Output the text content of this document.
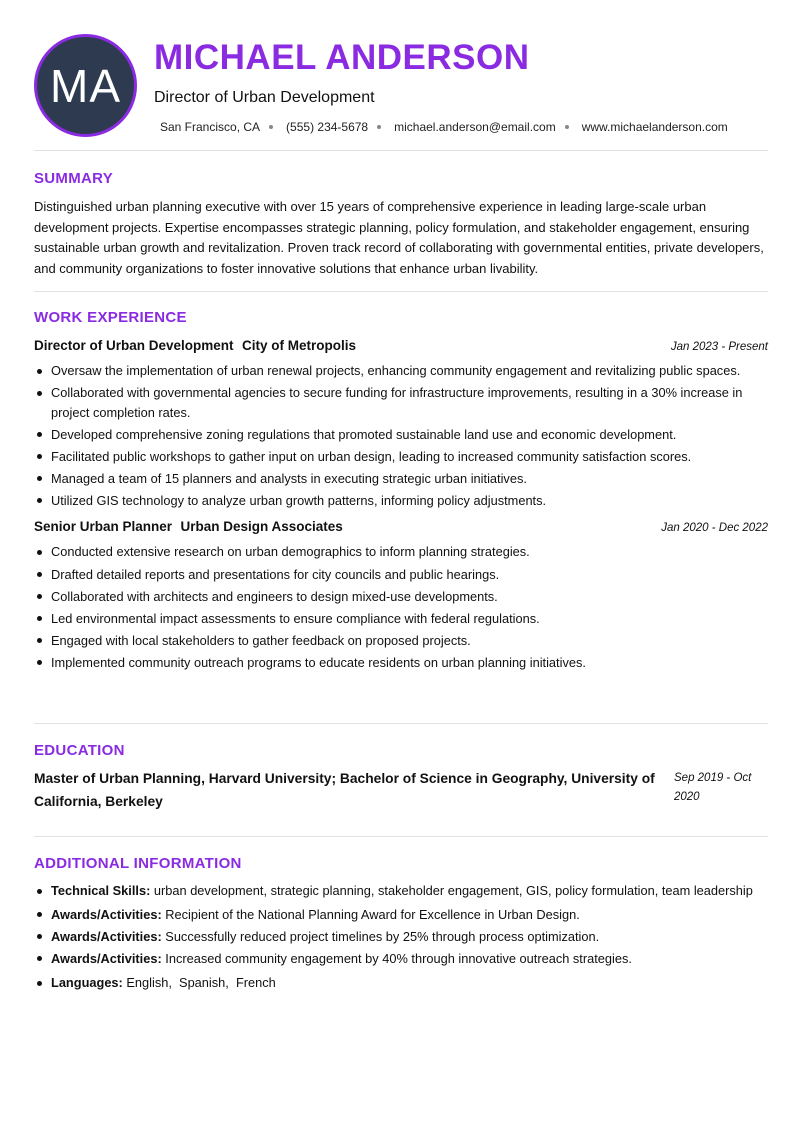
MA
MICHAEL ANDERSON
Director of Urban Development
San Francisco, CA (555) 234-5678 michael.anderson@email.com www.michaelanderson.com
SUMMARY

Distinguished urban planning executive with over 15 years of comprehensive experience in leading large-scale urban development projects. Expertise encompasses strategic planning, policy formulation, and stakeholder engagement, ensuring sustainable urban growth and revitalization. Proven track record of collaborating with governmental entities, private developers, and community organizations to foster innovative solutions that enhance urban livability.

WORK EXPERIENCE
Director of Urban Development City of Metropolis	Jan 2023 - Present
Oversaw the implementation of urban renewal projects, enhancing community engagement and revitalizing public spaces.
Collaborated with governmental agencies to secure funding for infrastructure improvements, resulting in a 30% increase in project completion rates.
Developed comprehensive zoning regulations that promoted sustainable land use and economic development.
Facilitated public workshops to gather input on urban design, leading to increased community satisfaction scores.
Managed a team of 15 planners and analysts in executing strategic urban initiatives.
Utilized GIS technology to analyze urban growth patterns, informing policy adjustments.
Senior Urban Planner Urban Design Associates	Jan 2020 - Dec 2022
Conducted extensive research on urban demographics to inform planning strategies.
Drafted detailed reports and presentations for city councils and public hearings.
Collaborated with architects and engineers to design mixed-use developments.
Led environmental impact assessments to ensure compliance with federal regulations.
Engaged with local stakeholders to gather feedback on proposed projects.
Implemented community outreach programs to educate residents on urban planning initiatives.
EDUCATION
Master of Urban Planning, Harvard University; Bachelor of Science in Geography, University of California, Berkeley
Sep 2019 - Oct 2020
ADDITIONAL INFORMATION
Technical Skills: urban development, strategic planning, stakeholder engagement, GIS, policy formulation, team leadership
Awards/Activities: Recipient of the National Planning Award for Excellence in Urban Design.
Awards/Activities: Successfully reduced project timelines by 25% through process optimization.
Awards/Activities: Increased community engagement by 40% through innovative outreach strategies.
Languages: English,  Spanish,  French
